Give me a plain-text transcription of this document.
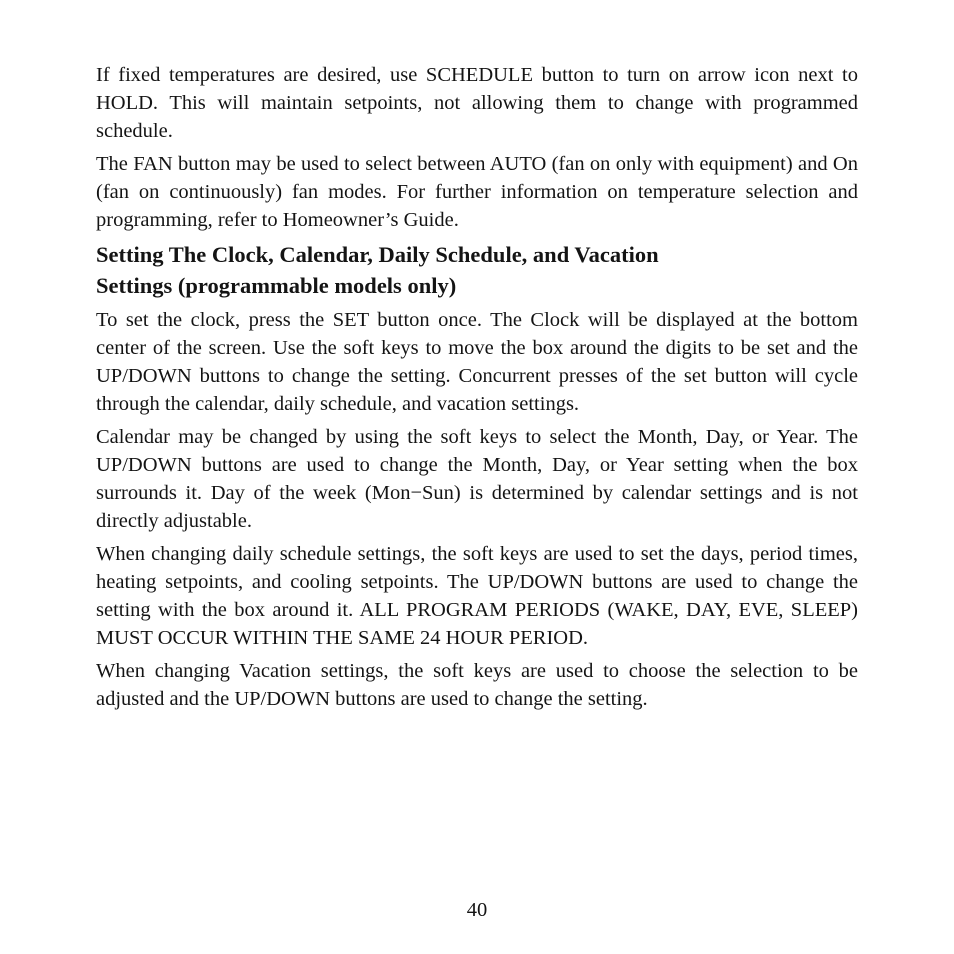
If fixed temperatures are desired, use SCHEDULE button to turn on arrow icon next to HOLD. This will maintain setpoints, not allowing them to change with programmed schedule.

The FAN button may be used to select between AUTO (fan on only with equipment) and On (fan on continuously) fan modes. For further information on temperature selection and programming, refer to Homeowner’s Guide.

Setting The Clock, Calendar, Daily Schedule, and Vacation
Settings (programmable models only)

To set the clock, press the SET button once. The Clock will be displayed at the bottom center of the screen. Use the soft keys to move the box around the digits to be set and the UP/DOWN buttons to change the setting. Concurrent presses of the set button will cycle through the calendar, daily schedule, and vacation settings.

Calendar may be changed by using the soft keys to select the Month, Day, or Year. The UP/DOWN buttons are used to change the Month, Day, or Year setting when the box surrounds it. Day of the week (Mon−Sun) is determined by calendar settings and is not directly adjustable.

When changing daily schedule settings, the soft keys are used to set the days, period times, heating setpoints, and cooling setpoints. The UP/DOWN buttons are used to change the setting with the box around it. ALL PROGRAM PERIODS (WAKE, DAY, EVE, SLEEP) MUST OCCUR WITHIN THE SAME 24 HOUR PERIOD.

When changing Vacation settings, the soft keys are used to choose the selection to be adjusted and the UP/DOWN buttons are used to change the setting.

40
